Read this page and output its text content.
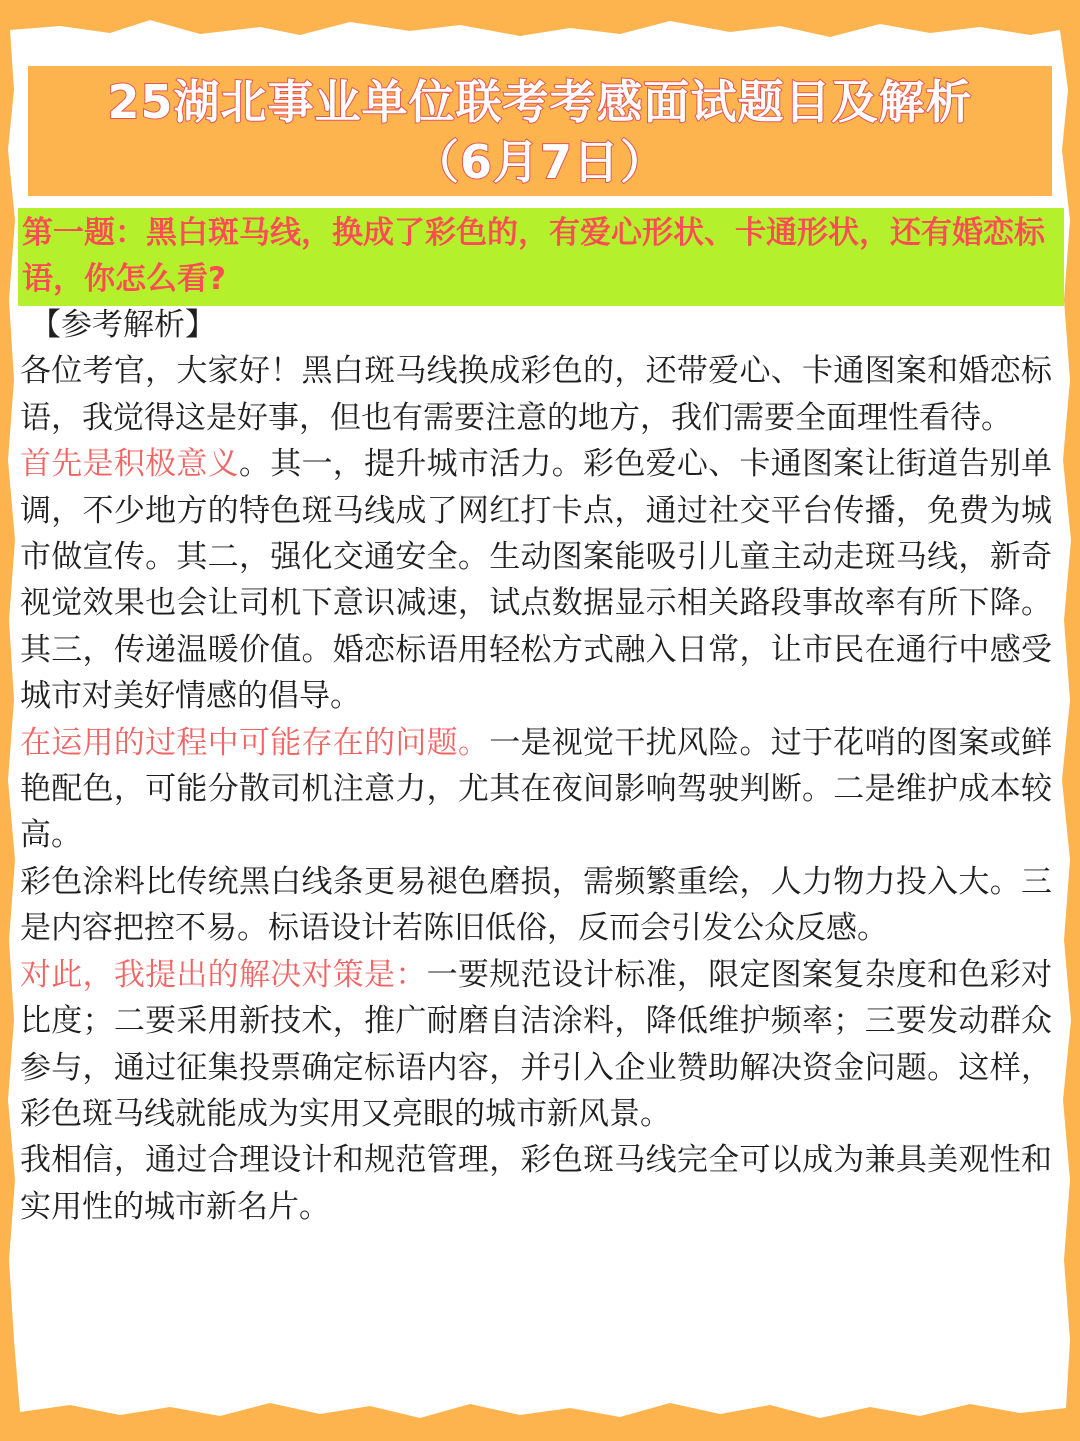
25湖北事业单位联考考感面试题目及解析
（6月7日）
第一题：黑白斑马线，换成了彩色的，有爱心形状、卡通形状，还有婚恋标语，你怎么看?

【参考解析】

各位考官，大家好！黑白斑马线换成彩色的，还带爱心、卡通图案和婚恋标语，我觉得这是好事，但也有需要注意的地方，我们需要全面理性看待。

首先是积极意义。其一，提升城市活力。彩色爱心、卡通图案让街道告别单调，不少地方的特色斑马线成了网红打卡点，通过社交平台传播，免费为城市做宣传。其二，强化交通安全。生动图案能吸引儿童主动走斑马线，新奇视觉效果也会让司机下意识减速，试点数据显示相关路段事故率有所下降。其三，传递温暖价值。婚恋标语用轻松方式融入日常，让市民在通行中感受城市对美好情感的倡导。

在运用的过程中可能存在的问题。一是视觉干扰风险。过于花哨的图案或鲜艳配色，可能分散司机注意力，尤其在夜间影响驾驶判断。二是维护成本较高。

彩色涂料比传统黑白线条更易褪色磨损，需频繁重绘，人力物力投入大。三是内容把控不易。标语设计若陈旧低俗，反而会引发公众反感。

对此，我提出的解决对策是：一要规范设计标准，限定图案复杂度和色彩对比度；二要采用新技术，推广耐磨自洁涂料，降低维护频率；三要发动群众参与，通过征集投票确定标语内容，并引入企业赞助解决资金问题。这样，彩色斑马线就能成为实用又亮眼的城市新风景。

我相信，通过合理设计和规范管理，彩色斑马线完全可以成为兼具美观性和实用性的城市新名片。
